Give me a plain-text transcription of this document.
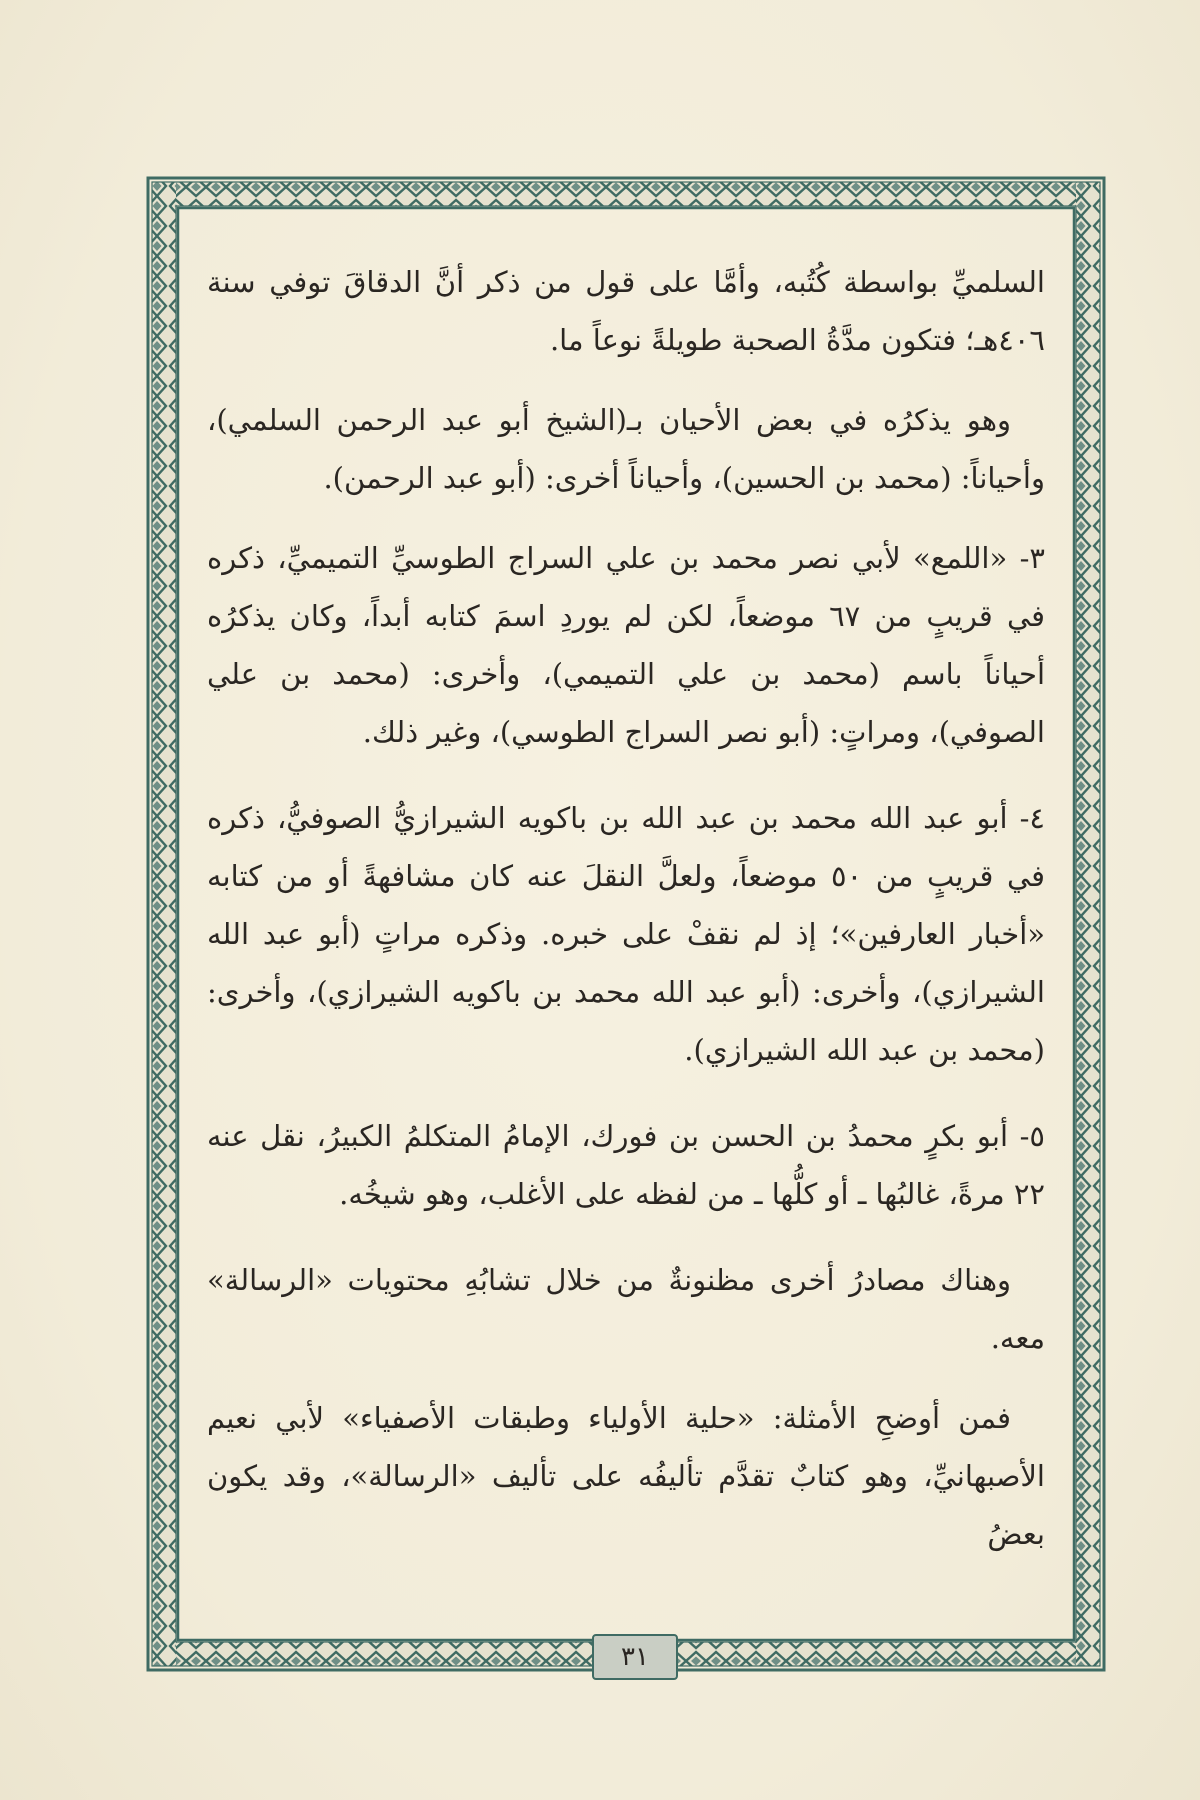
السلميِّ بواسطة كُتُبه، وأمَّا على قول من ذكر أنَّ الدقاقَ توفي سنة ٤٠٦هـ؛ فتكون مدَّةُ الصحبة طويلةً نوعاً ما.

وهو يذكرُه في بعض الأحيان بـ(الشيخ أبو عبد الرحمن السلمي)، وأحياناً: (محمد بن الحسين)، وأحياناً أخرى: (أبو عبد الرحمن).

٣- «اللمع» لأبي نصر محمد بن علي السراج الطوسيِّ التميميِّ، ذكره في قريبٍ من ٦٧ موضعاً، لكن لم يوردِ اسمَ كتابه أبداً، وكان يذكرُه أحياناً باسم (محمد بن علي التميمي)، وأخرى: (محمد بن علي الصوفي)، ومراتٍ: (أبو نصر السراج الطوسي)، وغير ذلك.

٤- أبو عبد الله محمد بن عبد الله بن باكويه الشيرازيُّ الصوفيُّ، ذكره في قريبٍ من ٥٠ موضعاً، ولعلَّ النقلَ عنه كان مشافهةً أو من كتابه «أخبار العارفين»؛ إذ لم نقفْ على خبره. وذكره مراتٍ (أبو عبد الله الشيرازي)، وأخرى: (أبو عبد الله محمد بن باكويه الشيرازي)، وأخرى: (محمد بن عبد الله الشيرازي).

٥- أبو بكرٍ محمدُ بن الحسن بن فورك، الإمامُ المتكلمُ الكبيرُ، نقل عنه ٢٢ مرةً، غالبُها ـ أو كلُّها ـ من لفظه على الأغلب، وهو شيخُه.

وهناك مصادرُ أخرى مظنونةٌ من خلال تشابُهِ محتويات «الرسالة» معه.

فمن أوضحِ الأمثلة: «حلية الأولياء وطبقات الأصفياء» لأبي نعيم الأصبهانيِّ، وهو كتابٌ تقدَّم تأليفُه على تأليف «الرسالة»، وقد يكون بعضُ

٣١
